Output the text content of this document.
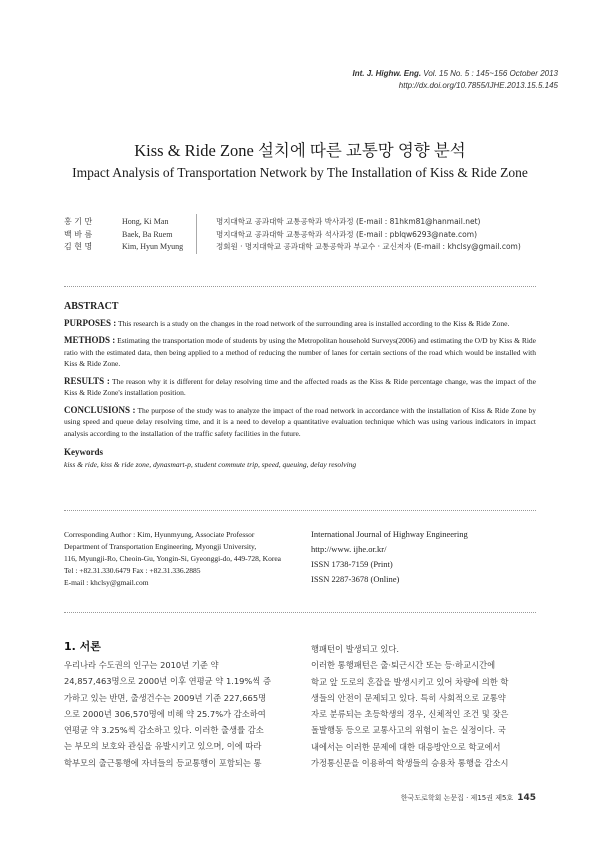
Int. J. Highw. Eng. Vol. 15 No. 5 : 145~156 October 2013
http://dx.doi.org/10.7855/IJHE.2013.15.5.145
Kiss & Ride Zone 설치에 따른 교통망 영향 분석
Impact Analysis of Transportation Network by The Installation of Kiss & Ride Zone
홍 기 만	Hong, Ki Man	명지대학교 공과대학 교통공학과 박사과정 (E-mail : 81hkm81@hanmail.net)
백 바 름	Baek, Ba Ruem	명지대학교 공과대학 교통공학과 석사과정 (E-mail : pblqw6293@nate.com)
김 현 명	Kim, Hyun Myung	정회원 · 명지대학교 공과대학 교통공학과 부교수 · 교신저자 (E-mail : khclsy@gmail.com)
ABSTRACT

PURPOSES : This research is a study on the changes in the road network of the surrounding area is installed according to the Kiss & Ride Zone.

METHODS : Estimating the transportation mode of students by using the Metropolitan household Surveys(2006) and estimating the O/D by Kiss & Ride ratio with the estimated data, then being applied to a method of reducing the number of lanes for certain sections of the road which would be installed with Kiss & Ride Zone.

RESULTS : The reason why it is different for delay resolving time and the affected roads as the Kiss & Ride percentage change, was the impact of the Kiss & Ride Zone's installation position.

CONCLUSIONS : The purpose of the study was to analyze the impact of the road network in accordance with the installation of Kiss & Ride Zone by using speed and queue delay resolving time, and it is a need to develop a quantitative evaluation technique which was using various indicators in impact analysis according to the installation of the traffic safety facilities in the future.

Keywords
kiss & ride, kiss & ride zone, dynasmart-p, student commute trip, speed, queuing, delay resolving
Corresponding Author : Kim, Hyunmyung, Associate Professor
Department of Transportation Engineering, Myongji University,
116, Myungji-Ro, Cheoin-Gu, Yongin-Si, Gyeonggi-do, 449-728, Korea
Tel : +82.31.330.6479 Fax : +82.31.336.2885
E-mail : khclsy@gmail.com
International Journal of Highway Engineering
http://www. ijhe.or.kr/
ISSN 1738-7159 (Print)
ISSN 2287-3678 (Online)
1. 서론

우리나라 수도권의 인구는 2010년 기준 약

24,857,463명으로 2000년 이후 연평균 약 1.19%씩 증

가하고 있는 반면, 출생건수는 2009년 기준 227,665명

으로 2000년 306,570명에 비해 약 25.7%가 감소하여

연평균 약 3.25%씩 감소하고 있다. 이러한 출생률 감소

는 부모의 보호와 관심을 유발시키고 있으며, 이에 따라

학부모의 출근통행에 자녀들의 등교통행이 포함되는 통

행패턴이 발생되고 있다.

이러한 통행패턴은 출·퇴근시간 또는 등·하교시간에

학교 앞 도로의 혼잡을 발생시키고 있어 차량에 의한 학

생들의 안전이 문제되고 있다. 특히 사회적으로 교통약

자로 분류되는 초등학생의 경우, 신체적인 조건 및 잦은

돌발행동 등으로 교통사고의 위험이 높은 실정이다. 국

내에서는 이러한 문제에 대한 대응방안으로 학교에서

가정통신문을 이용하여 학생들의 승용차 통행을 감소시

한국도로학회 논문집 · 제15권 제5호 145
